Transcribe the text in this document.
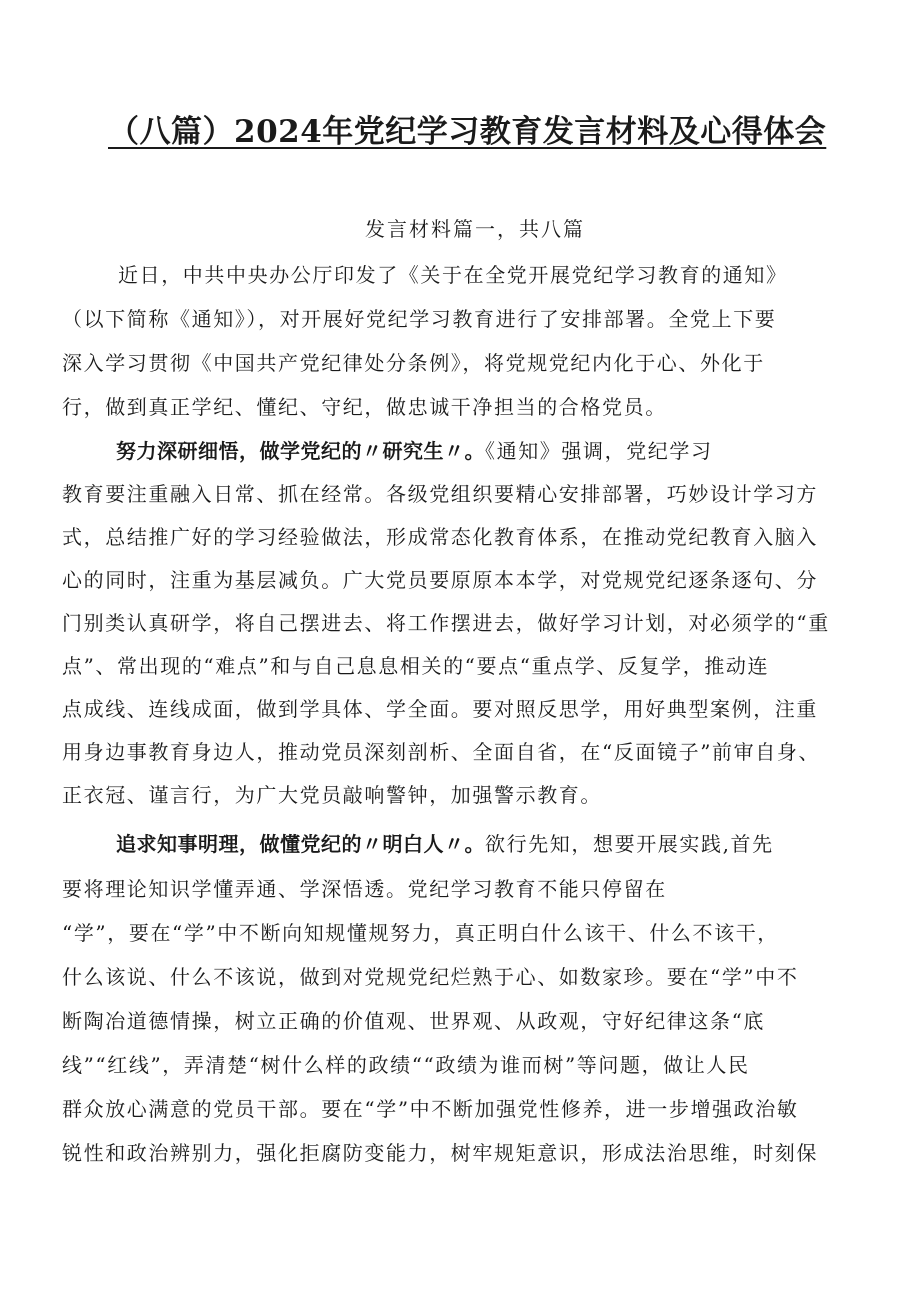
（八篇）2024年党纪学习教育发言材料及心得体会
发言材料篇一，共八篇
近日，中共中央办公厅印发了《关于在全党开展党纪学习教育的通知》
（以下简称《通知》），对开展好党纪学习教育进行了安排部署。全党上下要
深入学习贯彻《中国共产党纪律处分条例》，将党规党纪内化于心、外化于
行，做到真正学纪、懂纪、守纪，做忠诚干净担当的合格党员。
努力深研细悟，做学党纪的〃研究生〃。《通知》强调，党纪学习
教育要注重融入日常、抓在经常。各级党组织要精心安排部署，巧妙设计学习方
式，总结推广好的学习经验做法，形成常态化教育体系，在推动党纪教育入脑入
心的同时，注重为基层减负。广大党员要原原本本学，对党规党纪逐条逐句、分
门别类认真研学，将自己摆进去、将工作摆进去，做好学习计划，对必须学的“重
点”、常出现的“难点”和与自己息息相关的“要点“重点学、反复学，推动连
点成线、连线成面，做到学具体、学全面。要对照反思学，用好典型案例，注重
用身边事教育身边人，推动党员深刻剖析、全面自省，在“反面镜子”前审自身、
正衣冠、谨言行，为广大党员敲响警钟，加强警示教育。
追求知事明理，做懂党纪的〃明白人〃。欲行先知，想要开展实践,首先
要将理论知识学懂弄通、学深悟透。党纪学习教育不能只停留在
“学”，要在“学”中不断向知规懂规努力，真正明白什么该干、什么不该干，
什么该说、什么不该说，做到对党规党纪烂熟于心、如数家珍。要在“学”中不
断陶冶道德情操，树立正确的价值观、世界观、从政观，守好纪律这条“底
线”“红线”，弄清楚“树什么样的政绩““政绩为谁而树”等问题，做让人民
群众放心满意的党员干部。要在“学”中不断加强党性修养，进一步增强政治敏
锐性和政治辨别力，强化拒腐防变能力，树牢规矩意识，形成法治思维，时刻保
